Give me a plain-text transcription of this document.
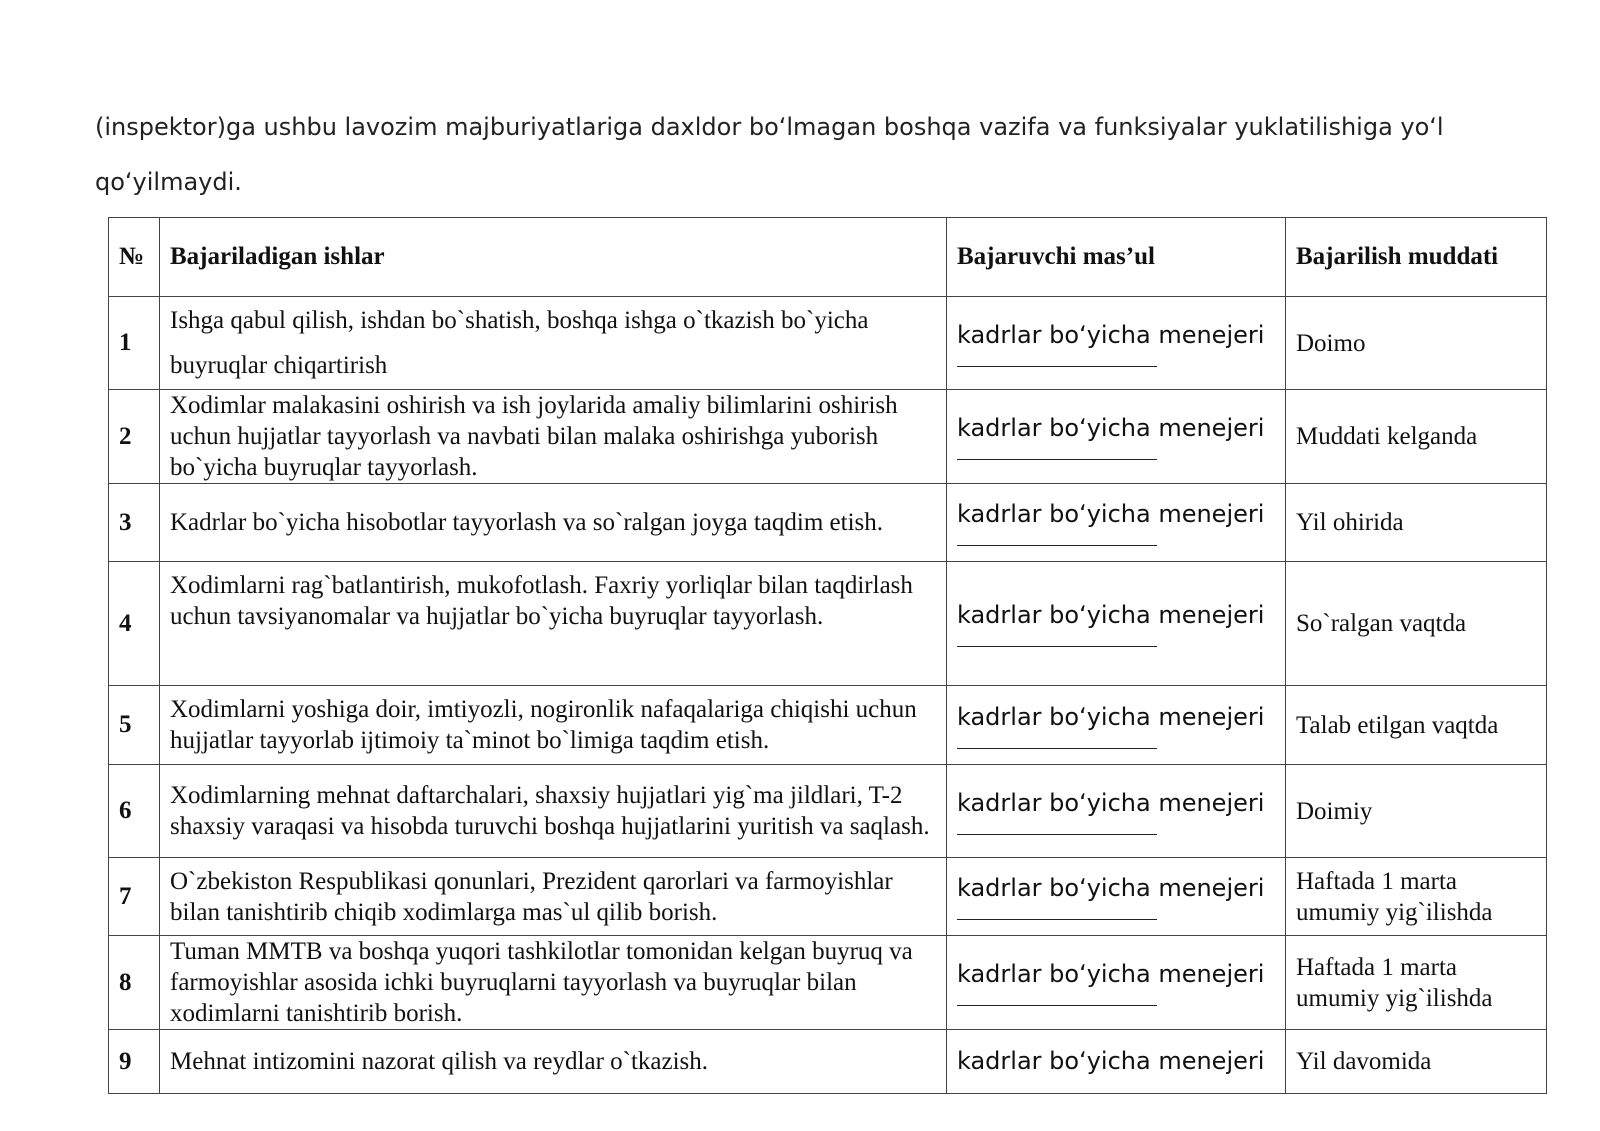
(inspektor)ga ushbu lavozim majburiyatlariga daxldor boʻlmagan boshqa vazifa va funksiyalar yuklatilishiga yoʻl qoʻyilmaydi.

№	Bajariladigan ishlar	Bajaruvchi mas’ul	Bajarilish muddati
1	Ishga qabul qilish, ishdan bo`shatish, boshqa ishga o`tkazish bo`yicha buyruqlar chiqartirish	kadrlar boʻyicha menejeri	Doimo
2	Xodimlar malakasini oshirish va ish joylarida amaliy bilimlarini oshirish uchun hujjatlar tayyorlash va navbati bilan malaka oshirishga yuborish bo`yicha buyruqlar tayyorlash.	kadrlar boʻyicha menejeri	Muddati kelganda
3	Kadrlar bo`yicha hisobotlar tayyorlash va so`ralgan joyga taqdim etish.	kadrlar boʻyicha menejeri	Yil ohirida
4	Xodimlarni rag`batlantirish, mukofotlash. Faxriy yorliqlar bilan taqdirlash uchun tavsiyanomalar va hujjatlar bo`yicha buyruqlar tayyorlash.	kadrlar boʻyicha menejeri	So`ralgan vaqtda
5	Xodimlarni yoshiga doir, imtiyozli, nogironlik nafaqalariga chiqishi uchun hujjatlar tayyorlab ijtimoiy ta`minot bo`limiga taqdim etish.	kadrlar boʻyicha menejeri	Talab etilgan vaqtda
6	Xodimlarning mehnat daftarchalari, shaxsiy hujjatlari yig`ma jildlari, T-2 shaxsiy varaqasi va hisobda turuvchi boshqa hujjatlarini yuritish va saqlash.	kadrlar boʻyicha menejeri	Doimiy
7	O`zbekiston Respublikasi qonunlari, Prezident qarorlari va farmoyishlar bilan tanishtirib chiqib xodimlarga mas`ul qilib borish.	kadrlar boʻyicha menejeri	Haftada 1 marta umumiy yig`ilishda
8	Tuman MMTB va boshqa yuqori tashkilotlar tomonidan kelgan buyruq va farmoyishlar asosida ichki buyruqlarni tayyorlash va buyruqlar bilan xodimlarni tanishtirib borish.	kadrlar boʻyicha menejeri	Haftada 1 marta umumiy yig`ilishda
9	Mehnat intizomini nazorat qilish va reydlar o`tkazish.	kadrlar boʻyicha menejeri	Yil davomida
